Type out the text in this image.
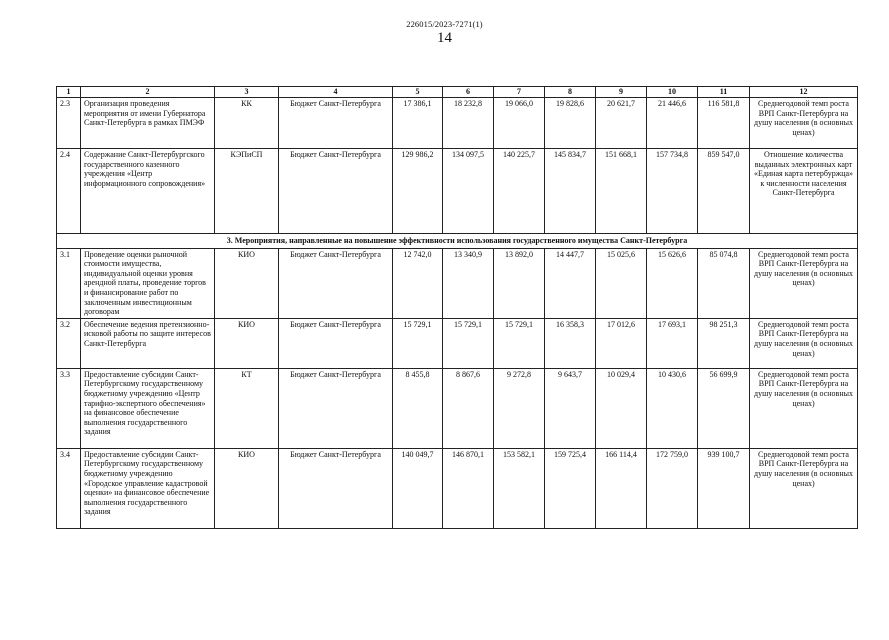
226015/2023-7271(1)
14
1	2	3	4	5	6	7	8	9	10	11	12
2.3	Организация проведения мероприятия от имени Губернатора Санкт-Петербурга в рамках ПМЭФ	КК	Бюджет Санкт-Петербурга	17 386,1	18 232,8	19 066,0	19 828,6	20 621,7	21 446,6	116 581,8	Среднегодовой темп роста ВРП Санкт-Петербурга на душу населения (в основных ценах)
2.4	Содержание Санкт-Петербургского государственного казенного учреждения «Центр информационного сопровождения»	КЭПиСП	Бюджет Санкт-Петербурга	129 986,2	134 097,5	140 225,7	145 834,7	151 668,1	157 734,8	859 547,0	Отношение количества выданных электронных карт «Единая карта петербуржца» к численности населения Санкт-Петербурга
3. Мероприятия, направленные на повышение эффективности использования государственного имущества Санкт-Петербурга											
3.1	Проведение оценки рыночной стоимости имущества, индивидуальной оценки уровня арендной платы, проведение торгов и финансирование работ по заключенным инвестиционным договорам	КИО	Бюджет Санкт-Петербурга	12 742,0	13 340,9	13 892,0	14 447,7	15 025,6	15 626,6	85 074,8	Среднегодовой темп роста ВРП Санкт-Петербурга на душу населения (в основных ценах)
3.2	Обеспечение ведения претензионно-исковой работы по защите интересов Санкт-Петербурга	КИО	Бюджет Санкт-Петербурга	15 729,1	15 729,1	15 729,1	16 358,3	17 012,6	17 693,1	98 251,3	Среднегодовой темп роста ВРП Санкт-Петербурга на душу населения (в основных ценах)
3.3	Предоставление субсидии Санкт-Петербургскому государственному бюджетному учреждению «Центр тарифно-экспертного обеспечения» на финансовое обеспечение выполнения государственного задания	КТ	Бюджет Санкт-Петербурга	8 455,8	8 867,6	9 272,8	9 643,7	10 029,4	10 430,6	56 699,9	Среднегодовой темп роста ВРП Санкт-Петербурга на душу населения (в основных ценах)
3.4	Предоставление субсидии Санкт-Петербургскому государственному бюджетному учреждению «Городское управление кадастровой оценки» на финансовое обеспечение выполнения государственного задания	КИО	Бюджет Санкт-Петербурга	140 049,7	146 870,1	153 582,1	159 725,4	166 114,4	172 759,0	939 100,7	Среднегодовой темп роста ВРП Санкт-Петербурга на душу населения (в основных ценах)
